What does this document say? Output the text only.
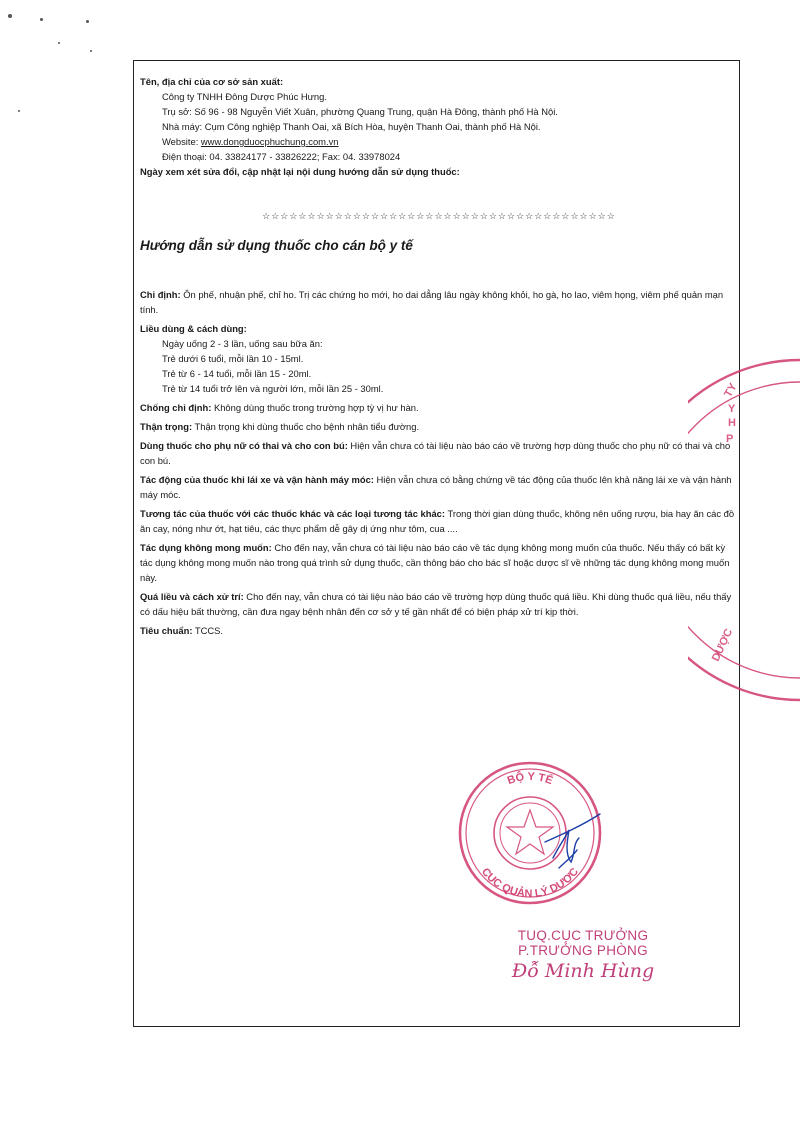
Tên, địa chỉ của cơ sở sản xuất:
Công ty TNHH Đông Dược Phúc Hưng.
Trụ sở: Số 96 - 98 Nguyễn Viết Xuân, phường Quang Trung, quận Hà Đông, thành phố Hà Nội.
Nhà máy: Cụm Công nghiệp Thanh Oai, xã Bích Hòa, huyện Thanh Oai, thành phố Hà Nội.
Website: www.dongduocphuchung.com.vn
Điện thoại: 04. 33824177 - 33826222; Fax: 04. 33978024
Ngày xem xét sửa đổi, cập nhật lại nội dung hướng dẫn sử dụng thuốc:
☆☆☆☆☆☆☆☆☆☆☆☆☆☆☆☆☆☆☆☆☆☆☆☆☆☆☆☆☆☆☆☆☆☆☆☆☆☆☆
Hướng dẫn sử dụng thuốc cho cán bộ y tế
Chỉ định: Ôn phế, nhuận phế, chỉ ho. Trị các chứng ho mới, ho dai dẳng lâu ngày không khỏi, ho gà, ho lao, viêm họng, viêm phế quản mạn tính.
Liều dùng & cách dùng:
Ngày uống 2 - 3 lần, uống sau bữa ăn:
Trẻ dưới 6 tuổi, mỗi lần 10 - 15ml.
Trẻ từ 6 - 14 tuổi, mỗi lần 15 - 20ml.
Trẻ từ 14 tuổi trở lên và người lớn, mỗi lần 25 - 30ml.
Chống chỉ định: Không dùng thuốc trong trường hợp tỳ vị hư hàn.
Thận trọng: Thận trọng khi dùng thuốc cho bệnh nhân tiểu đường.
Dùng thuốc cho phụ nữ có thai và cho con bú: Hiện vẫn chưa có tài liệu nào báo cáo về trường hợp dùng thuốc cho phụ nữ có thai và cho con bú.
Tác động của thuốc khi lái xe và vận hành máy móc: Hiện vẫn chưa có bằng chứng về tác động của thuốc lên khả năng lái xe và vận hành máy móc.
Tương tác của thuốc với các thuốc khác và các loại tương tác khác: Trong thời gian dùng thuốc, không nên uống rượu, bia hay ăn các đồ ăn cay, nóng như ớt, hạt tiêu, các thực phẩm dễ gây dị ứng như tôm, cua ....
Tác dụng không mong muốn: Cho đến nay, vẫn chưa có tài liệu nào báo cáo về tác dụng không mong muốn của thuốc. Nếu thấy có bất kỳ tác dụng không mong muốn nào trong quá trình sử dụng thuốc, cần thông báo cho bác sĩ hoặc dược sĩ về những tác dụng không mong muốn này.
Quá liều và cách xử trí: Cho đến nay, vẫn chưa có tài liệu nào báo cáo về trường hợp dùng thuốc quá liều. Khi dùng thuốc quá liều, nếu thấy có dấu hiệu bất thường, cần đưa ngay bệnh nhân đến cơ sở y tế gần nhất để có biện pháp xử trí kịp thời.
Tiêu chuẩn: TCCS.
TY
Y
H
P
DƯỢC
BỘ Y TẾ
CỤC QUẢN LÝ DƯỢC
TUQ.CỤC TRƯỞNG
P.TRƯỞNG PHÒNG
Đỗ Minh Hùng
